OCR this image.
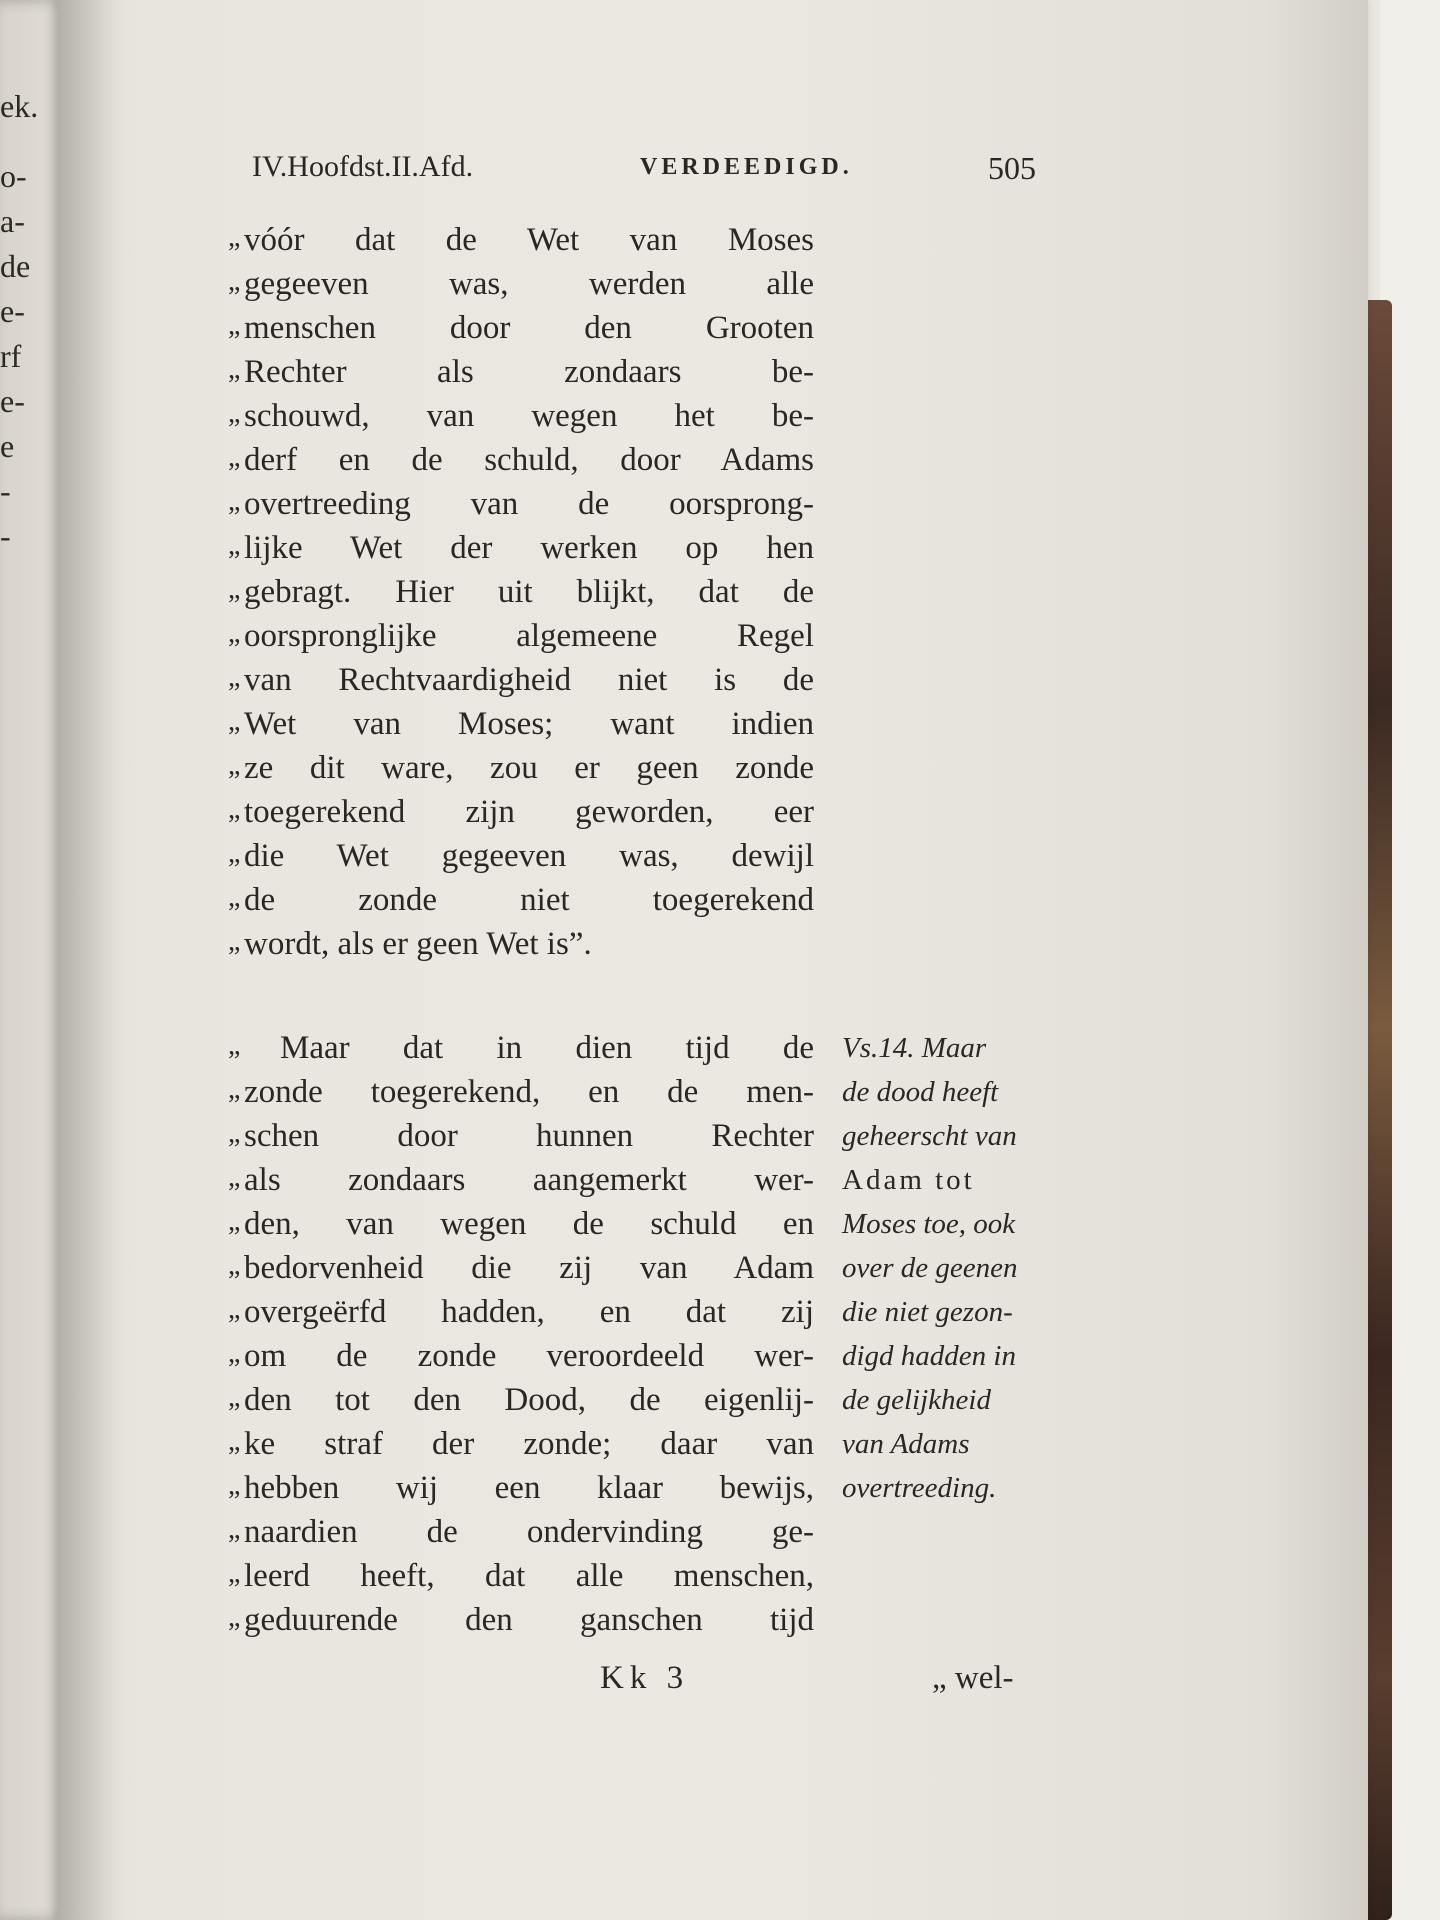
ek.
o-
a-
de
e-
rf
e-
e
-
-
IV.Hoofdst.II.Afd.	VERDEEDIGD.	505
vóór dat de Wet van Moses
gegeeven was, werden alle
menschen door den Grooten
Rechter als zondaars be-
schouwd, van wegen het be-
derf en de schuld, door Adams
overtreeding van de oorsprong-
lijke Wet der werken op hen
gebragt. Hier uit blijkt, dat de
oorspronglijke algemeene Regel
van Rechtvaardigheid niet is de
Wet van Moses; want indien
ze dit ware, zou er geen zonde
toegerekend zijn geworden, eer
die Wet gegeeven was, dewijl
de zonde niet toegerekend
wordt, als er geen Wet is”.
Maar dat in dien tijd de
zonde toegerekend, en de men-
schen door hunnen Rechter
als zondaars aangemerkt wer-
den, van wegen de schuld en
bedorvenheid die zij van Adam
overgeërfd hadden, en dat zij
om de zonde veroordeeld wer-
den tot den Dood, de eigenlij-
ke straf der zonde; daar van
hebben wij een klaar bewijs,
naardien de ondervinding ge-
leerd heeft, dat alle menschen,
geduurende den ganschen tijd
Vs.14. Maar
de dood heeft
geheerscht van
Adam tot
Moses toe, ook
over de geenen
die niet gezon-
digd hadden in
de gelijkheid
van Adams
overtreeding.
Kk 3	„ wel-
„
„
„
„
„
„
„
„
„
„
„
„
„
„
„
„
„
„
„
„
„
„
„
„
„
„
„
„
„
„
„
